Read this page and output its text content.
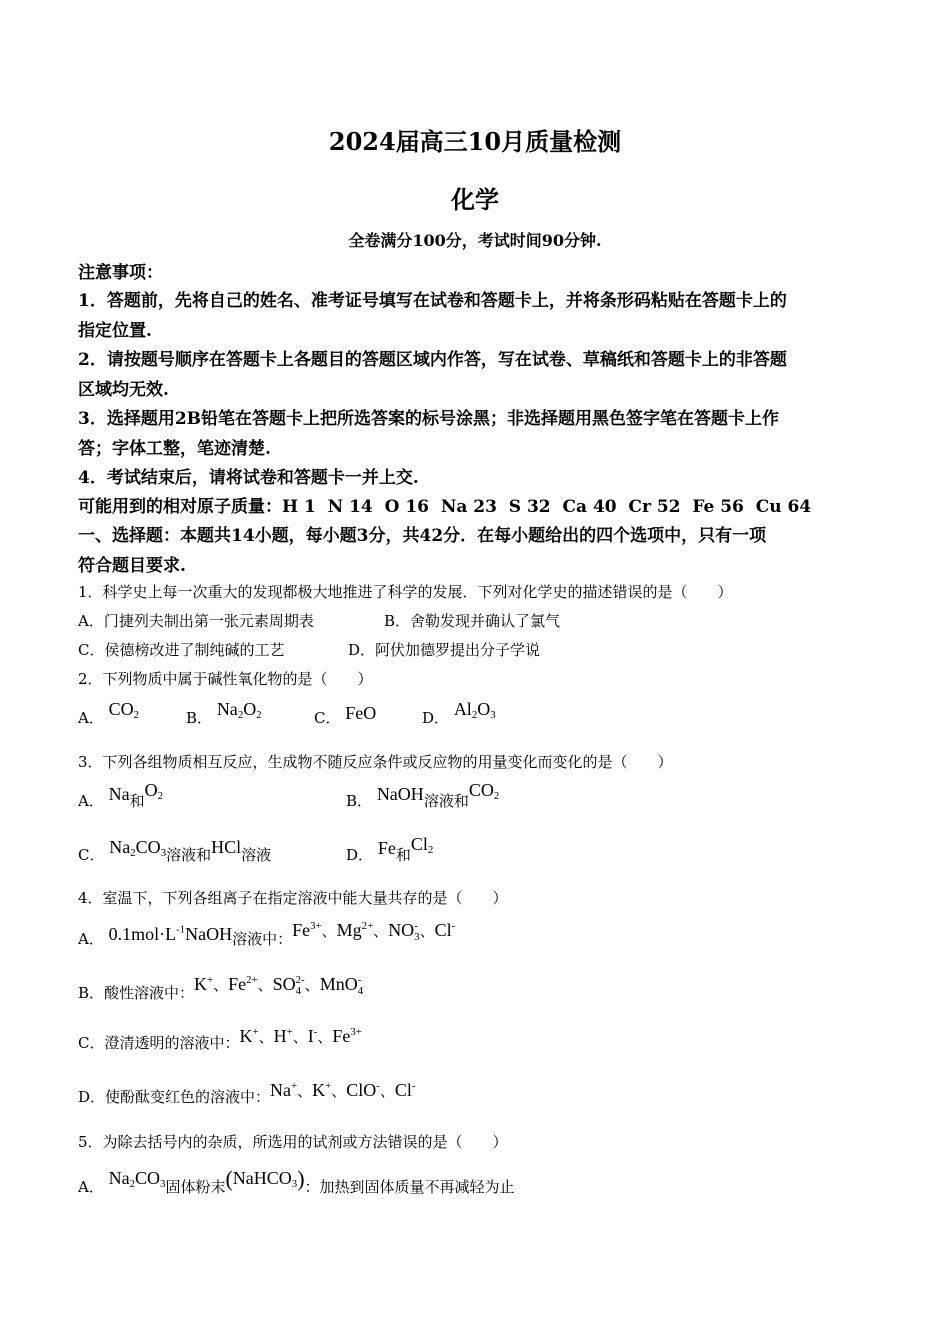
2024届高三10月质量检测
化学
全卷满分100分，考试时间90分钟.
注意事项：
1．答题前，先将自己的姓名、准考证号填写在试卷和答题卡上，并将条形码粘贴在答题卡上的
指定位置.
2．请按题号顺序在答题卡上各题目的答题区域内作答，写在试卷、草稿纸和答题卡上的非答题
区域均无效.
3．选择题用2B铅笔在答题卡上把所选答案的标号涂黑；非选择题用黑色签字笔在答题卡上作
答；字体工整，笔迹清楚.
4．考试结束后，请将试卷和答题卡一并上交.
可能用到的相对原子质量：H 1  N 14  O 16  Na 23  S 32  Ca 40  Cr 52  Fe 56  Cu 64
一、选择题：本题共14小题，每小题3分，共42分．在每小题给出的四个选项中，只有一项
符合题目要求.
1．科学史上每一次重大的发现都极大地推进了科学的发展．下列对化学史的描述错误的是（　　）
A．门捷列夫制出第一张元素周期表	B．舍勒发现并确认了氯气
C．侯德榜改进了制纯碱的工艺	D．阿伏加德罗提出分子学说
2．下列物质中属于碱性氧化物的是（　　）
A． $CO_2$	B． $Na_2O_2$	C． FeO	D． $Al_2O_3$
3．下列各组物质相互反应，生成物不随反应条件或反应物的用量变化而变化的是（　　）
A． Na和$O_2$	B． NaOH溶液和$CO_2$
C． $Na_2CO_3$溶液和HCl溶液	D． Fe和$Cl_2$
4．室温下，下列各组离子在指定溶液中能大量共存的是（　　）
A． $0.1mol\cdot L^{-1}NaOH$溶液中：Fe 3+
、Mg 2+
、NO -
3 、Cl -

B．酸性溶液中：K +
、Fe 2+
、SO 2-
4 、MnO -
4
C．澄清透明的溶液中：K +
、H +
、I -
、Fe 3+

D．使酚酞变红色的溶液中：Na +
、K +
、ClO -
、Cl -

5．为除去括号内的杂质，所选用的试剂或方法错误的是（　　）
A． $Na_2CO_3$固体粉末(NaHCO$_3$)：加热到固体质量不再减轻为止
